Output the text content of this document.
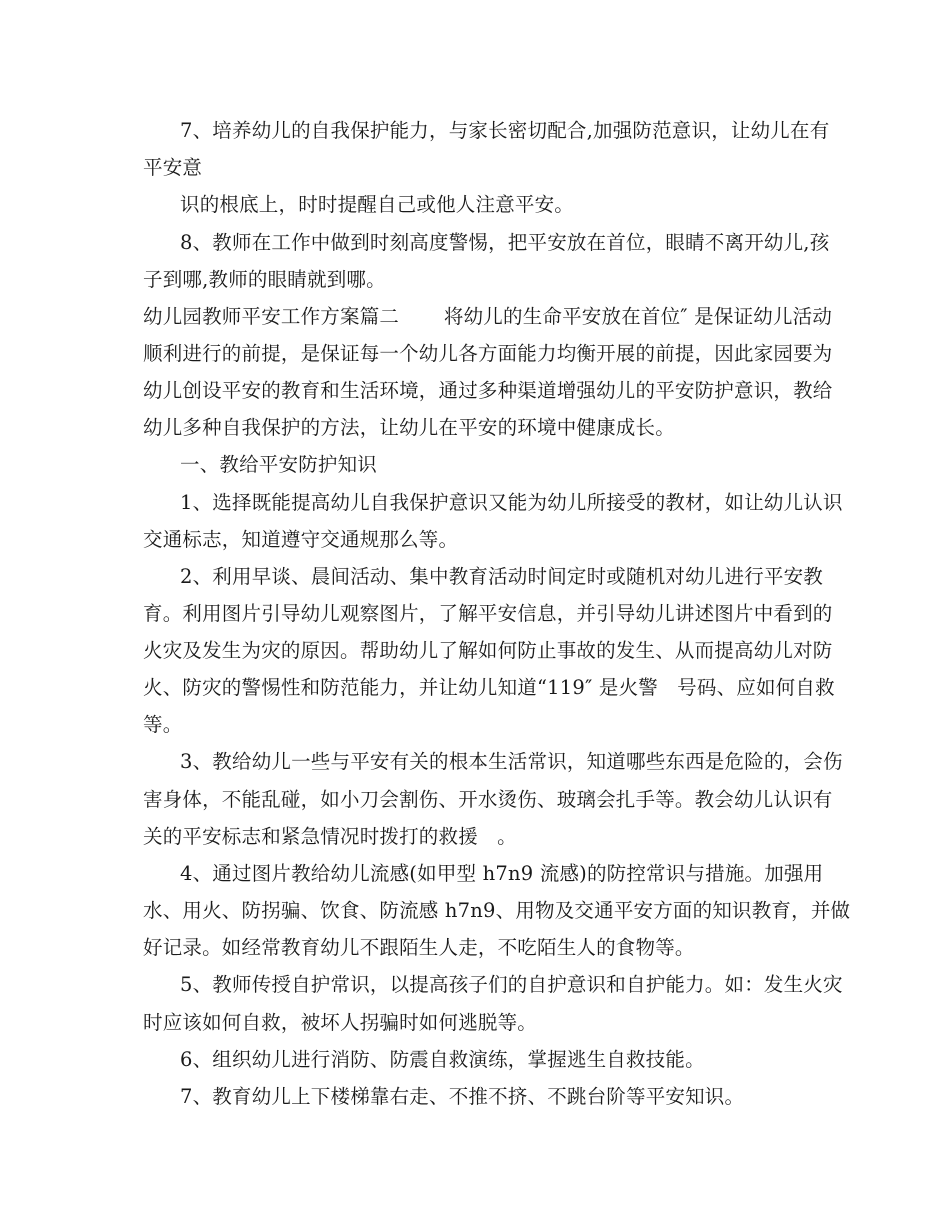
7、培养幼儿的自我保护能力，与家长密切配合,加强防范意识，让幼儿在有
平安意
识的根底上，时时提醒自己或他人注意平安。
8、教师在工作中做到时刻高度警惕，把平安放在首位，眼睛不离开幼儿,孩
子到哪,教师的眼睛就到哪。
幼儿园教师平安工作方案篇二       将幼儿的生命平安放在首位″ 是保证幼儿活动
顺利进行的前提，是保证每一个幼儿各方面能力均衡开展的前提，因此家园要为
幼儿创设平安的教育和生活环境，通过多种渠道增强幼儿的平安防护意识，教给
幼儿多种自我保护的方法，让幼儿在平安的环境中健康成长。
一、教给平安防护知识
1、选择既能提高幼儿自我保护意识又能为幼儿所接受的教材，如让幼儿认识
交通标志，知道遵守交通规那么等。
2、利用早谈、晨间活动、集中教育活动时间定时或随机对幼儿进行平安教
育。利用图片引导幼儿观察图片，了解平安信息，并引导幼儿讲述图片中看到的
火灾及发生为灾的原因。帮助幼儿了解如何防止事故的发生、从而提高幼儿对防
火、防灾的警惕性和防范能力，并让幼儿知道“119″ 是火警   号码、应如何自救
等。
3、教给幼儿一些与平安有关的根本生活常识，知道哪些东西是危险的，会伤
害身体，不能乱碰，如小刀会割伤、开水烫伤、玻璃会扎手等。教会幼儿认识有
关的平安标志和紧急情况时拨打的救援   。
4、通过图片教给幼儿流感(如甲型 h7n9 流感)的防控常识与措施。加强用
水、用火、防拐骗、饮食、防流感 h7n9、用物及交通平安方面的知识教育，并做
好记录。如经常教育幼儿不跟陌生人走，不吃陌生人的食物等。
5、教师传授自护常识，以提高孩子们的自护意识和自护能力。如：发生火灾
时应该如何自救，被坏人拐骗时如何逃脱等。
6、组织幼儿进行消防、防震自救演练，掌握逃生自救技能。
7、教育幼儿上下楼梯靠右走、不推不挤、不跳台阶等平安知识。
